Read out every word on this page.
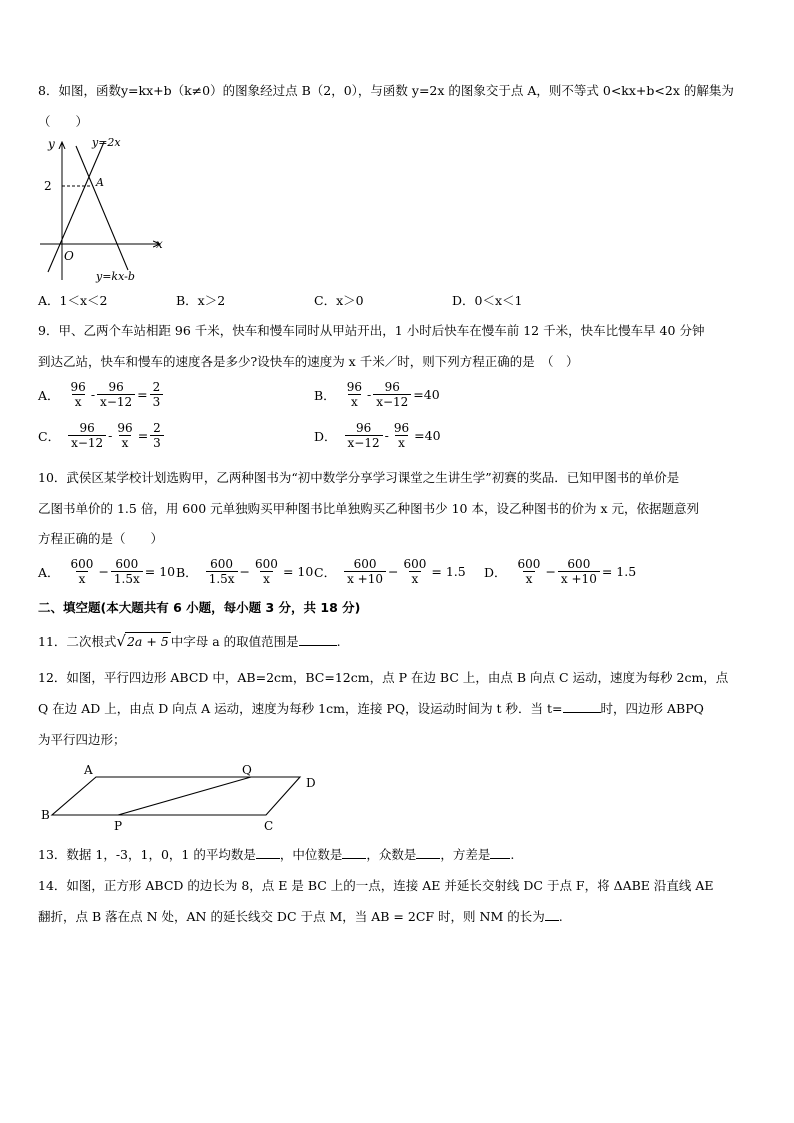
8．如图，函数y=kx+b（k≠0）的图象经过点 B（2，0），与函数 y=2x 的图象交于点 A，则不等式 0<kx+b<2x 的解集为
（　　）
y
x
O
2	A
y=2x
y=kx-b
A．1＜x＜2	B．x＞2	C．x＞0	D．0＜x＜1
9．甲、乙两个车站相距 96 千米，快车和慢车同时从甲站开出，1 小时后快车在慢车前 12 千米，快车比慢车早 40 分钟
到达乙站，快车和慢车的速度各是多少?设快车的速度为 x 千米／时，则下列方程正确的是　（　）
A． $\frac{96}{x} - \frac{96}{x-12} = \frac{2}{3}$	B． $\frac{96}{x} - \frac{96}{x-12} =40$
C． $\frac{96}{x-12} - \frac{96}{x} = \frac{2}{3}$	D． $\frac{96}{x-12} - \frac{96}{x} =40$
10．武侯区某学校计划选购甲，乙两种图书为“初中数学分享学习课堂之生讲生学”初赛的奖品．已知甲图书的单价是
乙图书单价的 1.5 倍，用 600 元单独购买甲种图书比单独购买乙种图书少 10 本，设乙种图书的价为 x 元，依据题意列
方程正确的是（　　）
A． $\frac{600}{x} - \frac{600}{1.5x} = 10$ B． $\frac{600}{1.5x} - \frac{600}{x} = 10$ C． $\frac{600}{x +10} - \frac{600}{x} = 1.5$ D． $\frac{600}{x} - \frac{600}{x +10} = 1.5$
二、填空题(本大题共有 6 小题，每小题 3 分，共 18 分)
11．二次根式√2a + 5 中字母 a 的取值范围是	.
12．如图，平行四边形 ABCD 中，AB=2cm，BC=12cm，点 P 在边 BC 上，由点 B 向点 C 运动，速度为每秒 2cm，点
Q 在边 AD 上，由点 D 向点 A 运动，速度为每秒 1cm，连接 PQ，设运动时间为 t 秒．当 t=	时，四边形 ABPQ
为平行四边形；
A	Q
D
B
P	C
13．数据 1，-3，1，0，1 的平均数是 ，中位数是 ，众数是 ，方差是 .
14．如图，正方形 ABCD 的边长为 8，点 E 是 BC 上的一点，连接 AE 并延长交射线 DC 于点 F，将 ΔABE 沿直线 AE
翻折，点 B 落在点 N 处，AN 的延长线交 DC 于点 M，当 AB = 2CF 时，则 NM 的长为 .
